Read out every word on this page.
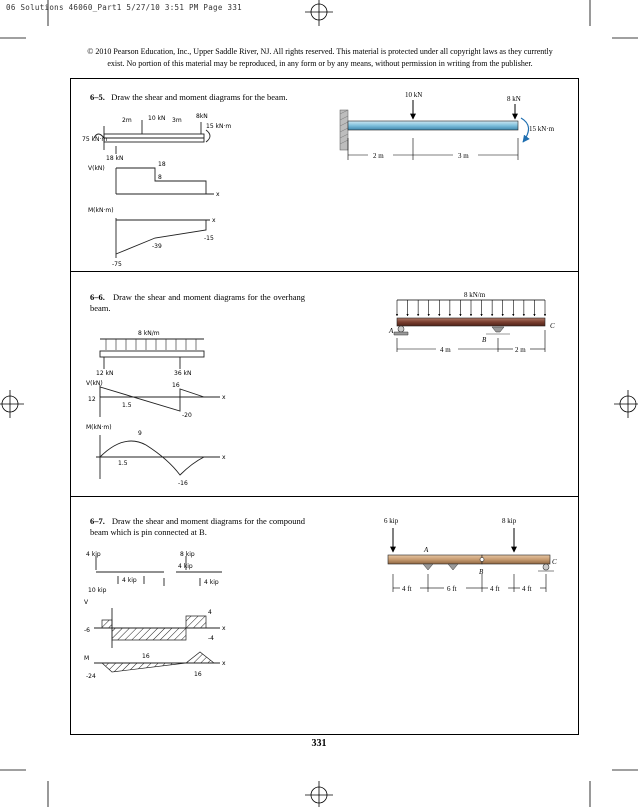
06 Solutions 46060_Part1 5/27/10 3:51 PM Page 331
© 2010 Pearson Education, Inc., Upper Saddle River, NJ. All rights reserved. This material is protected under all copyright laws as they currently
exist. No portion of this material may be reproduced, in any form or by any means, without permission in writing from the publisher.
6–5. Draw the shear and moment diagrams for the beam.	10 kN	8 kN
15 kN·m
2 m	3 m
2m	10 kN 3m
8kN
15 kN·m
75 kN·m
18 kN
V(kN)
18
8
x
M(kN·m)
-75
-39
-15
x
6–6. Draw the shear and moment diagrams for the overhang beam.
8 kN/m
A
B
C
4 m	2 m
8 kN/m
12 kN	36 kN
V(kN)
12
16
-20
1.5
x
M(kN·m)
9
1.5
-16
x
6–7. Draw the shear and moment diagrams for the compound beam which is pin connected at B.
6 kip	8 kip
A
B
C
4 ft	6 ft	4 ft	4 ft
4 kip	8 kip
4 kip
4 kip
10 kip
4 kip
V
4
-6
-4
M
-24
16
16
x
x
331
